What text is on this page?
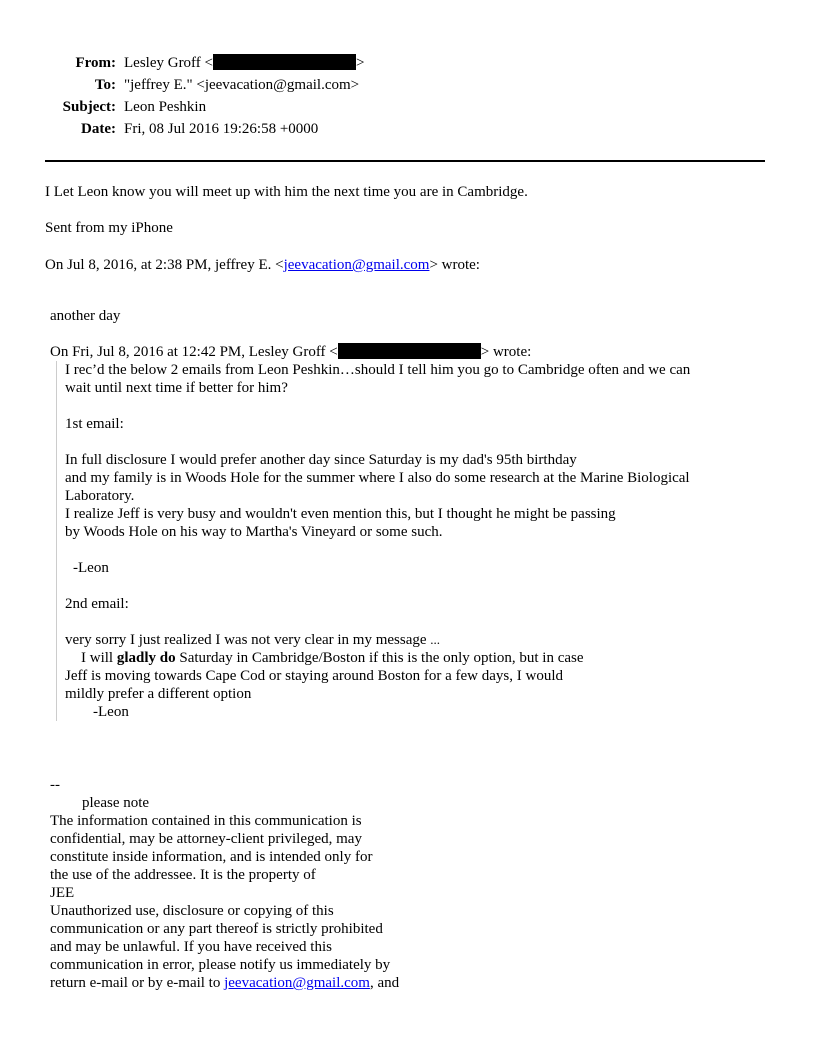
From: Lesley Groff <	>
To: "jeffrey E." <jeevacation@gmail.com>
Subject: Leon Peshkin
Date: Fri, 08 Jul 2016 19:26:58 +0000
I Let Leon know you will meet up with him the next time you are in Cambridge.
Sent from my iPhone
On Jul 8, 2016, at 2:38 PM, jeffrey E. <jeevacation@gmail.com> wrote:
another day
On Fri, Jul 8, 2016 at 12:42 PM, Lesley Groff <	> wrote:
I rec’d the below 2 emails from Leon Peshkin…should I tell him you go to Cambridge often and we can
wait until next time if better for him?
1st email:
In full disclosure I would prefer another day since Saturday is my dad's 95th birthday
and my family is in Woods Hole for the summer where I also do some research at the Marine Biological
Laboratory.
I realize Jeff is very busy and wouldn't even mention this, but I thought he might be passing
by Woods Hole on his way to Martha's Vineyard or some such.
-Leon
2nd email:
very sorry I just realized I was not very clear in my message ...
I will gladly do Saturday in Cambridge/Boston if this is the only option, but in case
Jeff is moving towards Cape Cod or staying around Boston for a few days, I would
mildly prefer a different option
-Leon
--
please note
The information contained in this communication is
confidential, may be attorney-client privileged, may
constitute inside information, and is intended only for
the use of the addressee. It is the property of
JEE
Unauthorized use, disclosure or copying of this
communication or any part thereof is strictly prohibited
and may be unlawful. If you have received this
communication in error, please notify us immediately by
return e-mail or by e-mail to jeevacation@gmail.com, and
